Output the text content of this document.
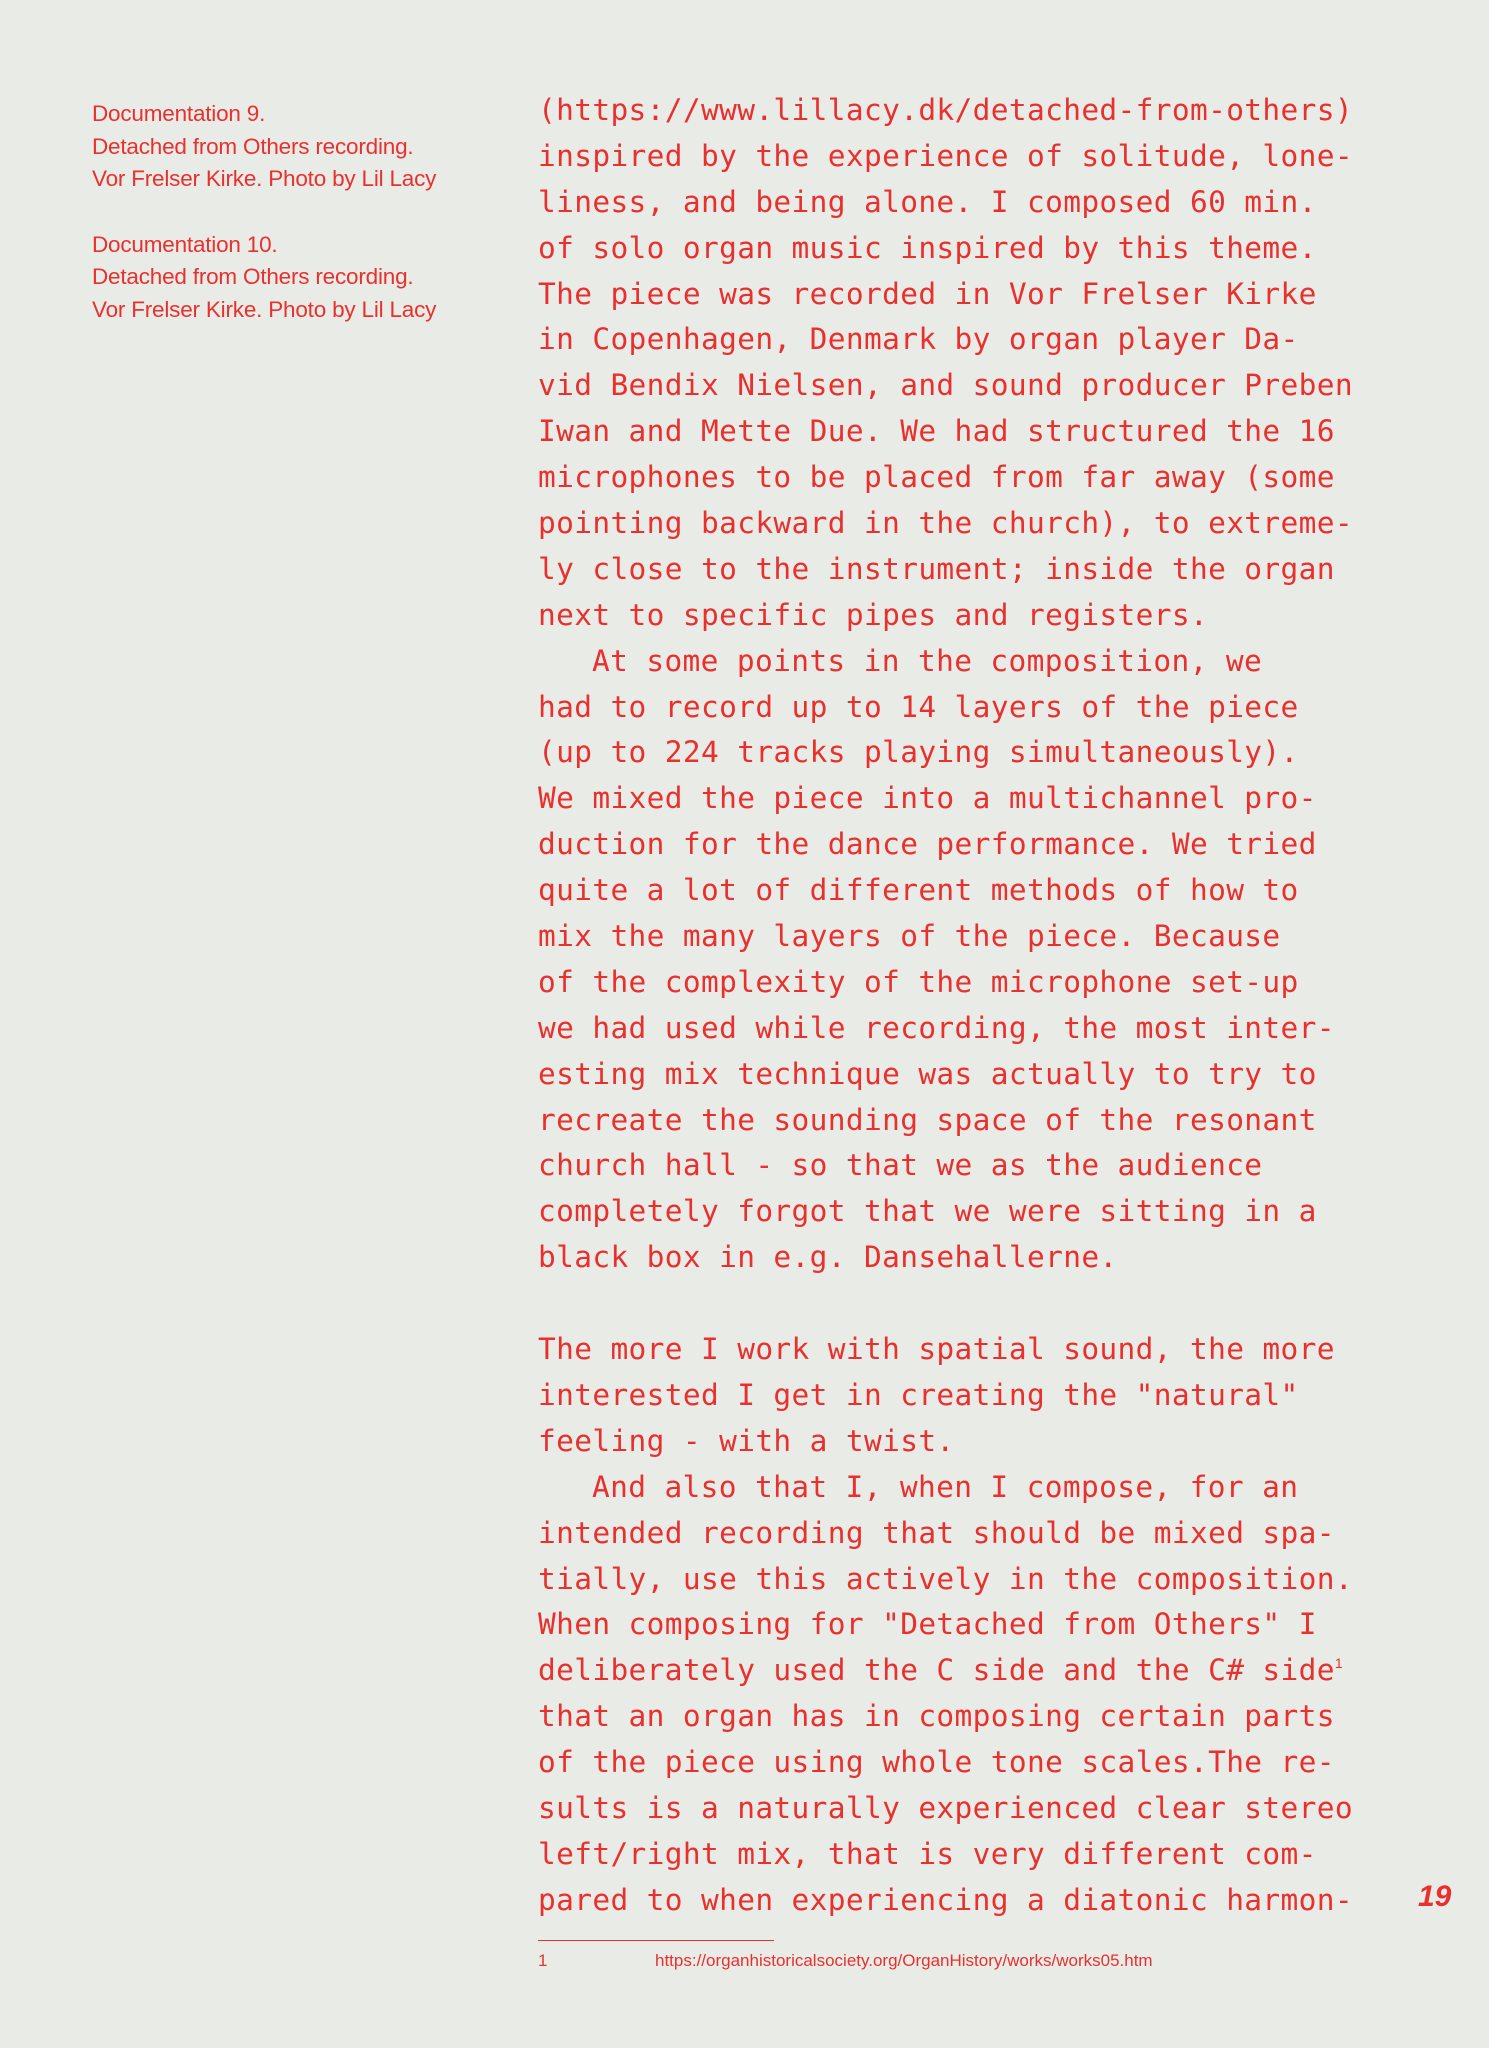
Documentation 9.
Detached from Others recording.
Vor Frelser Kirke. Photo by Lil Lacy
Documentation 10.
Detached from Others recording.
Vor Frelser Kirke. Photo by Lil Lacy
(https://www.lillacy.dk/detached-from-others)
inspired by the experience of solitude, lone-
liness, and being alone. I composed 60 min.
of solo organ music inspired by this theme.
The piece was recorded in Vor Frelser Kirke
in Copenhagen, Denmark by organ player Da-
vid Bendix Nielsen, and sound producer Preben
Iwan and Mette Due. We had structured the 16
microphones to be placed from far away (some
pointing backward in the church), to extreme-
ly close to the instrument; inside the organ
next to specific pipes and registers.
At some points in the composition, we
had to record up to 14 layers of the piece
(up to 224 tracks playing simultaneously).
We mixed the piece into a multichannel pro-
duction for the dance performance. We tried
quite a lot of different methods of how to
mix the many layers of the piece. Because
of the complexity of the microphone set-up
we had used while recording, the most inter-
esting mix technique was actually to try to
recreate the sounding space of the resonant
church hall - so that we as the audience
completely forgot that we were sitting in a
black box in e.g. Dansehallerne.
The more I work with spatial sound, the more
interested I get in creating the "natural"
feeling - with a twist.
And also that I, when I compose, for an
intended recording that should be mixed spa-
tially, use this actively in the composition.
When composing for "Detached from Others" I
deliberately used the C side and the C# side$^1$
that an organ has in composing certain parts
of the piece using whole tone scales.The re-
sults is a naturally experienced clear stereo
left/right mix, that is very different com-
pared to when experiencing a diatonic harmon-	19
1	https://organhistoricalsociety.org/OrganHistory/works/works05.htm
